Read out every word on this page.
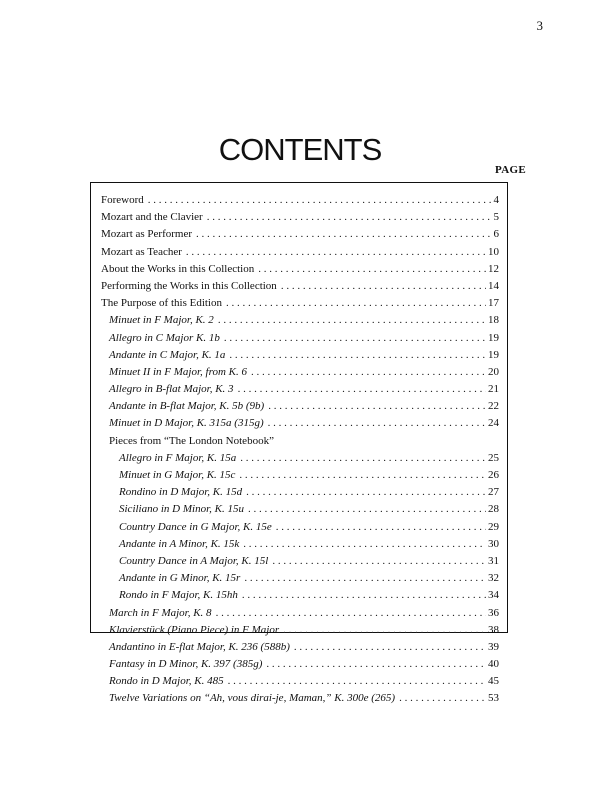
3
CONTENTS
PAGE
Foreword . . .	4
Mozart and the Clavier . . .	5
Mozart as Performer . . .	6
Mozart as Teacher . . .	10
About the Works in this Collection . . .	12
Performing the Works in this Collection . . .	14
The Purpose of this Edition . . .	17
Minuet in F Major, K. 2 . . .	18
Allegro in C Major K. 1b . . .	19
Andante in C Major, K. 1a . . .	19
Minuet II in F Major, from K. 6 . . .	20
Allegro in B-flat Major, K. 3 . . .	21
Andante in B-flat Major, K. 5b (9b) . . .	22
Minuet in D Major, K. 315a (315g) . . .	24
Pieces from “The London Notebook”
Allegro in F Major, K. 15a . . .	25
Minuet in G Major, K. 15c . . .	26
Rondino in D Major, K. 15d . . .	27
Siciliano in D Minor, K. 15u . . .	28
Country Dance in G Major, K. 15e . . .	29
Andante in A Minor, K. 15k . . .	30
Country Dance in A Major, K. 15l . . .	31
Andante in G Minor, K. 15r . . .	32
Rondo in F Major, K. 15hh . . .	34
March in F Major, K. 8 . . .	36
Klavierstück (Piano Piece) in F Major . . .	38
Andantino in E-flat Major, K. 236 (588b) . . .	39
Fantasy in D Minor, K. 397 (385g) . . .	40
Rondo in D Major, K. 485 . . .	45
Twelve Variations on “Ah, vous dirai-je, Maman,” K. 300e (265) . . .	53
